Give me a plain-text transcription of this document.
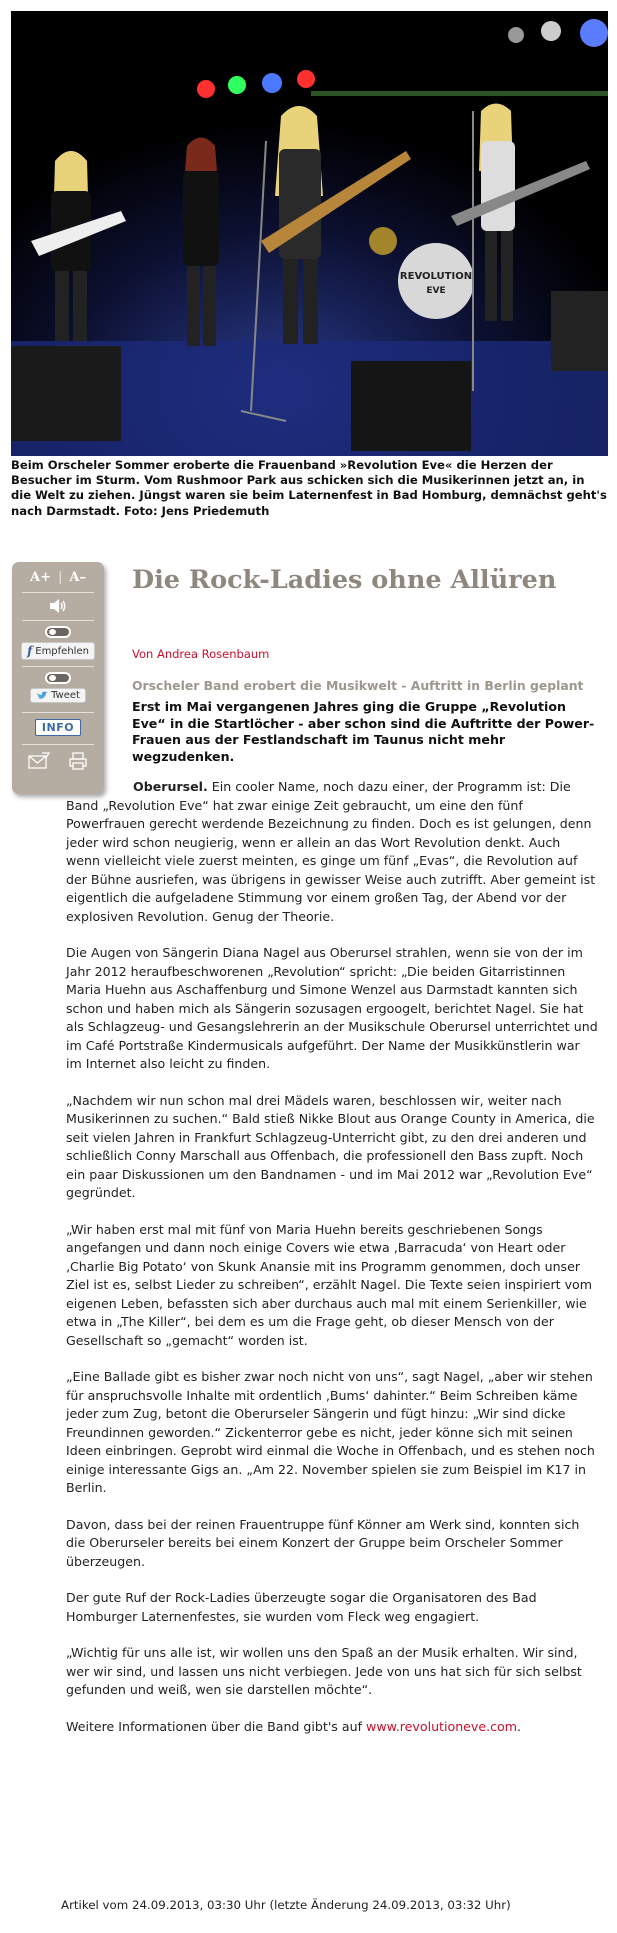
REVOLUTION
EVE
Beim Orscheler Sommer eroberte die Frauenband »Revolution Eve« die Herzen der Besucher im Sturm. Vom Rushmoor Park aus schicken sich die Musikerinnen jetzt an, in die Welt zu ziehen. Jüngst waren sie beim Laternenfest in Bad Homburg, demnächst geht's nach Darmstadt. Foto: Jens Priedemuth
A+ | A–
f Empfehlen
Tweet
INFO
Die Rock-Ladies ohne Allüren
Von Andrea Rosenbaum
Orscheler Band erobert die Musikwelt - Auftritt in Berlin geplant
Erst im Mai vergangenen Jahres ging die Gruppe „Revolution Eve“ in die Startlöcher - aber schon sind die Auftritte der Power-Frauen aus der Festlandschaft im Taunus nicht mehr wegzudenken.

Oberursel. Ein cooler Name, noch dazu einer, der Programm ist: Die Band „Revolution Eve“ hat zwar einige Zeit gebraucht, um eine den fünf Powerfrauen gerecht werdende Bezeichnung zu finden. Doch es ist gelungen, denn jeder wird schon neugierig, wenn er allein an das Wort Revolution denkt. Auch wenn vielleicht viele zuerst meinten, es ginge um fünf „Evas“, die Revolution auf der Bühne ausriefen, was übrigens in gewisser Weise auch zutrifft. Aber gemeint ist eigentlich die aufgeladene Stimmung vor einem großen Tag, der Abend vor der explosiven Revolution. Genug der Theorie.

Die Augen von Sängerin Diana Nagel aus Oberursel strahlen, wenn sie von der im Jahr 2012 heraufbeschworenen „Revolution“ spricht: „Die beiden Gitarristinnen Maria Huehn aus Aschaffenburg und Simone Wenzel aus Darmstadt kannten sich schon und haben mich als Sängerin sozusagen ergoogelt, berichtet Nagel. Sie hat als Schlagzeug- und Gesangslehrerin an der Musikschule Oberursel unterrichtet und im Café Portstraße Kindermusicals aufgeführt. Der Name der Musikkünstlerin war im Internet also leicht zu finden.

„Nachdem wir nun schon mal drei Mädels waren, beschlossen wir, weiter nach Musikerinnen zu suchen.“ Bald stieß Nikke Blout aus Orange County in America, die seit vielen Jahren in Frankfurt Schlagzeug-Unterricht gibt, zu den drei anderen und schließlich Conny Marschall aus Offenbach, die professionell den Bass zupft. Noch ein paar Diskussionen um den Bandnamen - und im Mai 2012 war „Revolution Eve“ gegründet.

„Wir haben erst mal mit fünf von Maria Huehn bereits geschriebenen Songs angefangen und dann noch einige Covers wie etwa ‚Barracuda‘ von Heart oder ‚Charlie Big Potato‘ von Skunk Anansie mit ins Programm genommen, doch unser Ziel ist es, selbst Lieder zu schreiben“, erzählt Nagel. Die Texte seien inspiriert vom eigenen Leben, befassten sich aber durchaus auch mal mit einem Serienkiller, wie etwa in „The Killer“, bei dem es um die Frage geht, ob dieser Mensch von der Gesellschaft so „gemacht“ worden ist.

„Eine Ballade gibt es bisher zwar noch nicht von uns“, sagt Nagel, „aber wir stehen für anspruchsvolle Inhalte mit ordentlich ‚Bums‘ dahinter.“ Beim Schreiben käme jeder zum Zug, betont die Oberurseler Sängerin und fügt hinzu: „Wir sind dicke Freundinnen geworden.“ Zickenterror gebe es nicht, jeder könne sich mit seinen Ideen einbringen. Geprobt wird einmal die Woche in Offenbach, und es stehen noch einige interessante Gigs an. „Am 22. November spielen sie zum Beispiel im K17 in Berlin.

Davon, dass bei der reinen Frauentruppe fünf Könner am Werk sind, konnten sich die Oberurseler bereits bei einem Konzert der Gruppe beim Orscheler Sommer überzeugen.

Der gute Ruf der Rock-Ladies überzeugte sogar die Organisatoren des Bad Homburger Laternenfestes, sie wurden vom Fleck weg engagiert.

„Wichtig für uns alle ist, wir wollen uns den Spaß an der Musik erhalten. Wir sind, wer wir sind, und lassen uns nicht verbiegen. Jede von uns hat sich für sich selbst gefunden und weiß, wen sie darstellen möchte“.

Weitere Informationen über die Band gibt's auf www.revolutioneve.com.

Artikel vom 24.09.2013, 03:30 Uhr (letzte Änderung 24.09.2013, 03:32 Uhr)
